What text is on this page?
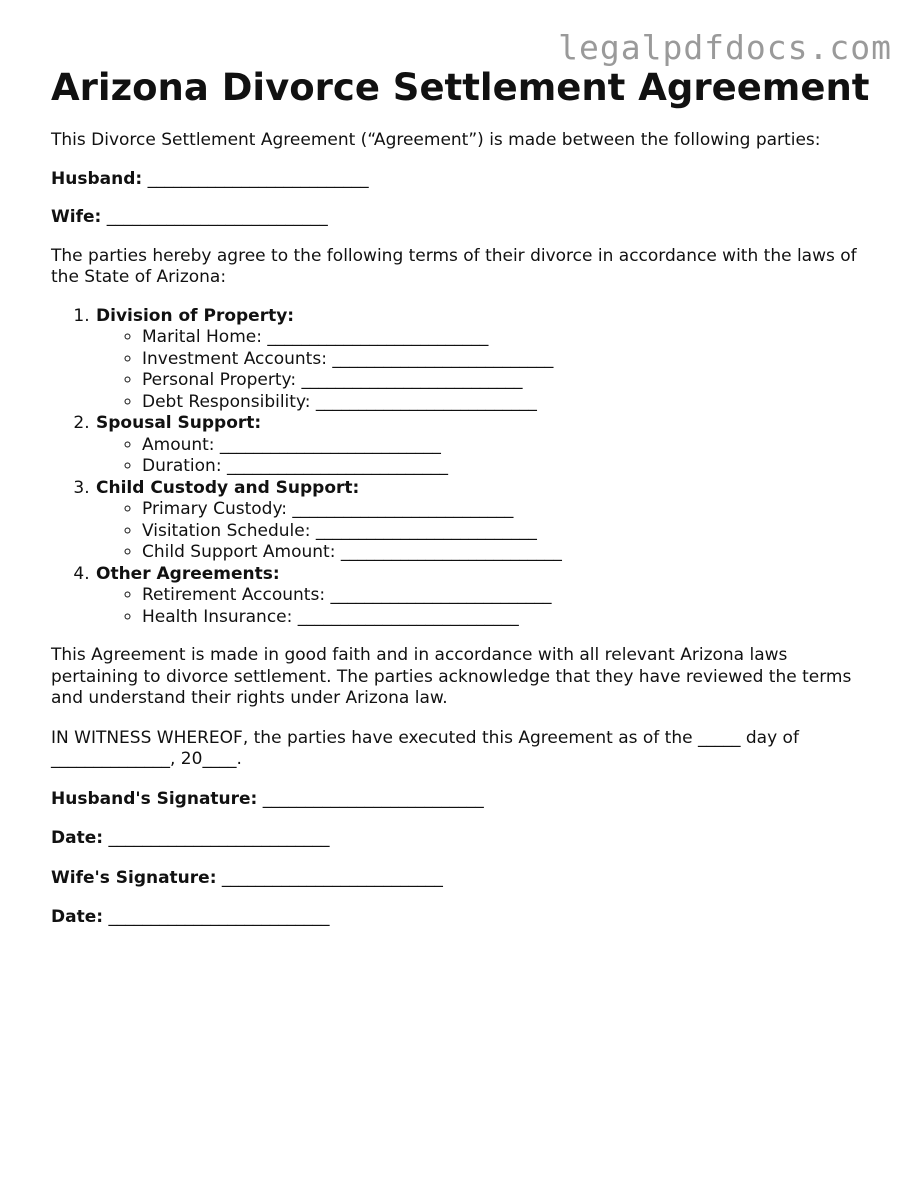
legalpdfdocs.com
Arizona Divorce Settlement Agreement

This Divorce Settlement Agreement (“Agreement”) is made between the following parties:

Husband: __________________________

Wife: __________________________

The parties hereby agree to the following terms of their divorce in accordance with the laws of the State of Arizona:

1. Division of Property:
◦ Marital Home: __________________________
◦ Investment Accounts: __________________________
◦ Personal Property: __________________________
◦ Debt Responsibility: __________________________
2. Spousal Support:
◦ Amount: __________________________
◦ Duration: __________________________
3. Child Custody and Support:
◦ Primary Custody: __________________________
◦ Visitation Schedule: __________________________
◦ Child Support Amount: __________________________
4. Other Agreements:
◦ Retirement Accounts: __________________________
◦ Health Insurance: __________________________

This Agreement is made in good faith and in accordance with all relevant Arizona laws pertaining to divorce settlement. The parties acknowledge that they have reviewed the terms and understand their rights under Arizona law.

IN WITNESS WHEREOF, the parties have executed this Agreement as of the _____ day of ______________, 20____.

Husband's Signature: __________________________

Date: __________________________

Wife's Signature: __________________________

Date: __________________________
